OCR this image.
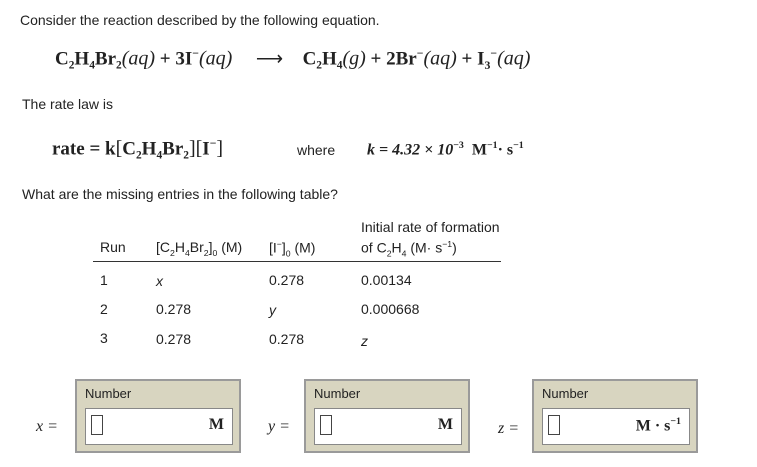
Consider the reaction described by the following equation.
C₂H₄Br₂(aq) + 3I−(aq) ⟶ $C_2H_4(g) + 2Br^-(aq) + I_3^-(aq)$
The rate law is
rate = k[C₂H₄Br₂][I−]	where $k = 4.32 \times 10^{-3}$ $M^{-1}\cdot s^{-1}$
What are the missing entries in the following table?
Run $[C_2H_4Br_2]_0$ (M) $[I^-]_0$ (M)
Initial rate of formation
of $C_2H_4$ $(M\cdot s^{-1})$
1	x	0.278	0.00134
2	0.278	y	0.000668
3	0.278	0.278	z
x =
Number
M	y =
Number
M	z =
Number
$M \cdot s^{-1}$
